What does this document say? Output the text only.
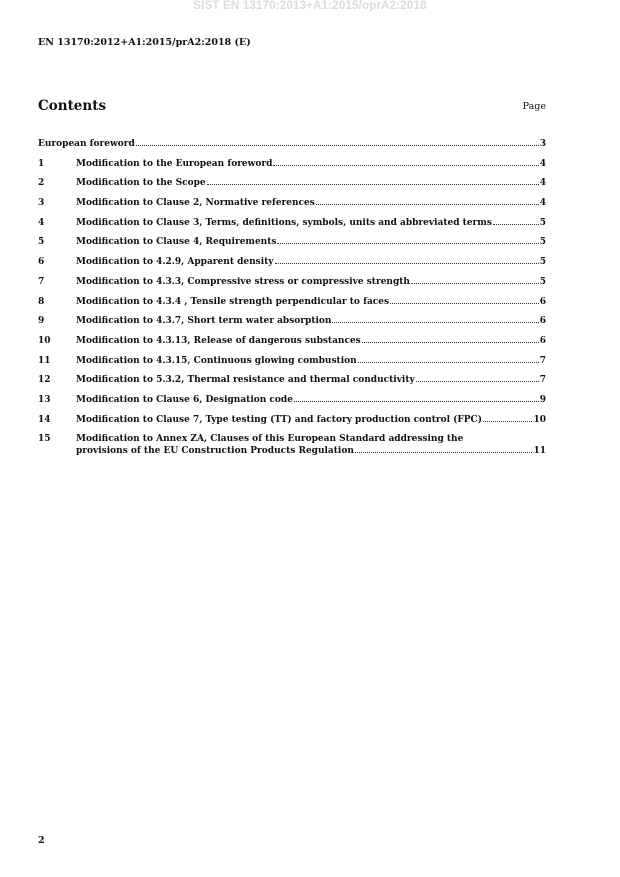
SIST EN 13170:2013+A1:2015/oprA2:2018
EN 13170:2012+A1:2015/prA2:2018 (E)
Contents	Page
European foreword	3
1	Modification to the European foreword	4
2	Modification to the Scope	4
3	Modification to Clause 2, Normative references	4
4	Modification to Clause 3, Terms, definitions, symbols, units and abbreviated terms	5
5	Modification to Clause 4, Requirements	5
6	Modification to 4.2.9, Apparent density	5
7	Modification to 4.3.3, Compressive stress or compressive strength	5
8	Modification to 4.3.4 , Tensile strength perpendicular to faces	6
9	Modification to 4.3.7, Short term water absorption	6
10	Modification to 4.3.13, Release of dangerous substances	6
11	Modification to 4.3.15, Continuous glowing combustion	7
12	Modification to 5.3.2, Thermal resistance and thermal conductivity	7
13	Modification to Clause 6, Designation code	9
14	Modification to Clause 7, Type testing (TT) and factory production control (FPC)	10
15	Modification to Annex ZA, Clauses of this European Standard addressing the
provisions of the EU Construction Products Regulation	11
2
